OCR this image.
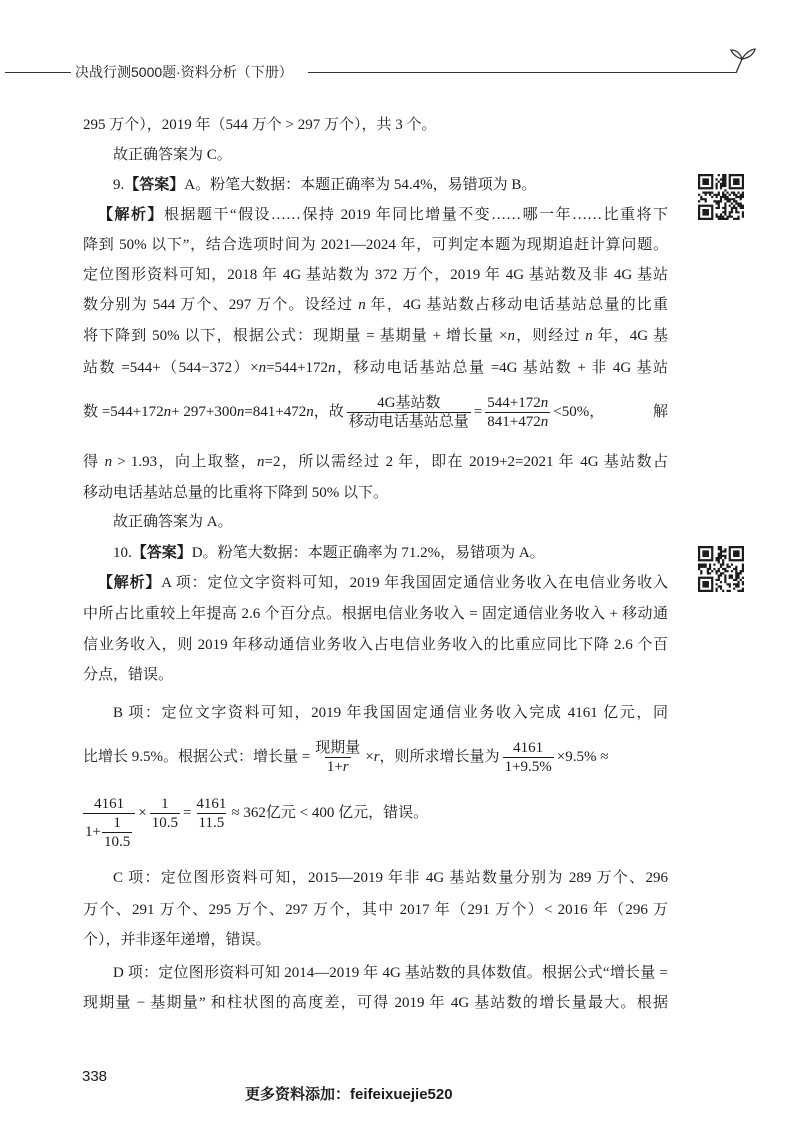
决战行测5000题·资料分析（下册）
295 万个），2019 年（544 万个 > 297 万个），共 3 个。
故正确答案为 C。
9.【答案】A。粉笔大数据：本题正确率为 54.4%，易错项为 B。
【解析】根据题干“假设……保持 2019 年同比增量不变……哪一年……比重将下
降到 50% 以下”，结合选项时间为 2021—2024 年，可判定本题为现期追赶计算问题。
定位图形资料可知，2018 年 4G 基站数为 372 万个，2019 年 4G 基站数及非 4G 基站
数分别为 544 万个、297 万个。设经过 n 年，4G 基站数占移动电话基站总量的比重
将下降到 50% 以下，根据公式：现期量 = 基期量 + 增长量 ×n，则经过 n 年，4G 基
站数 =544+（544−372）×n=544+172n，移动电话基站总量 =4G 基站数 + 非 4G 基站
数 =544+172n+ 297+300n=841+472n，故 $\frac{\text{4G基站数}}{\text{移动电话基站总量}} = \frac{544+172n}{841+472 n} <50\%$，	解
得 n > 1.93，向上取整，n=2，所以需经过 2 年，即在 2019+2=2021 年 4G 基站数占
移动电话基站总量的比重将下降到 50% 以下。
故正确答案为 A。
10.【答案】D。粉笔大数据：本题正确率为 71.2%，易错项为 A。
【解析】A 项：定位文字资料可知，2019 年我国固定通信业务收入在电信业务收入
中所占比重较上年提高 2.6 个百分点。根据电信业务收入 = 固定通信业务收入 + 移动通
信业务收入，则 2019 年移动通信业务收入占电信业务收入的比重应同比下降 2.6 个百
分点，错误。
B 项：定位文字资料可知，2019 年我国固定通信业务收入完成 4161 亿元，同
比增长 9.5%。根据公式：增长量 = $\frac{\text{现期量}}{1+ r} \times r$，则所求增长量为 $\frac{4161}{1+9.5\%} \times 9.5\%$ ≈
$\frac{4161}{1+ \frac{1}{10.5}} \times \frac{1}{10.5} = \frac{4161}{11.5} \approx 362$亿元 < 400 亿元，错误。
C 项：定位图形资料可知，2015—2019 年非 4G 基站数量分别为 289 万个、296
万个、291 万个、295 万个、297 万个，其中 2017 年（291 万个）< 2016 年（296 万
个），并非逐年递增，错误。
D 项：定位图形资料可知 2014—2019 年 4G 基站数的具体数值。根据公式“增长量 =
现期量 − 基期量” 和柱状图的高度差，可得 2019 年 4G 基站数的增长量最大。根据
338
更多资料添加：feifeixuejie520
